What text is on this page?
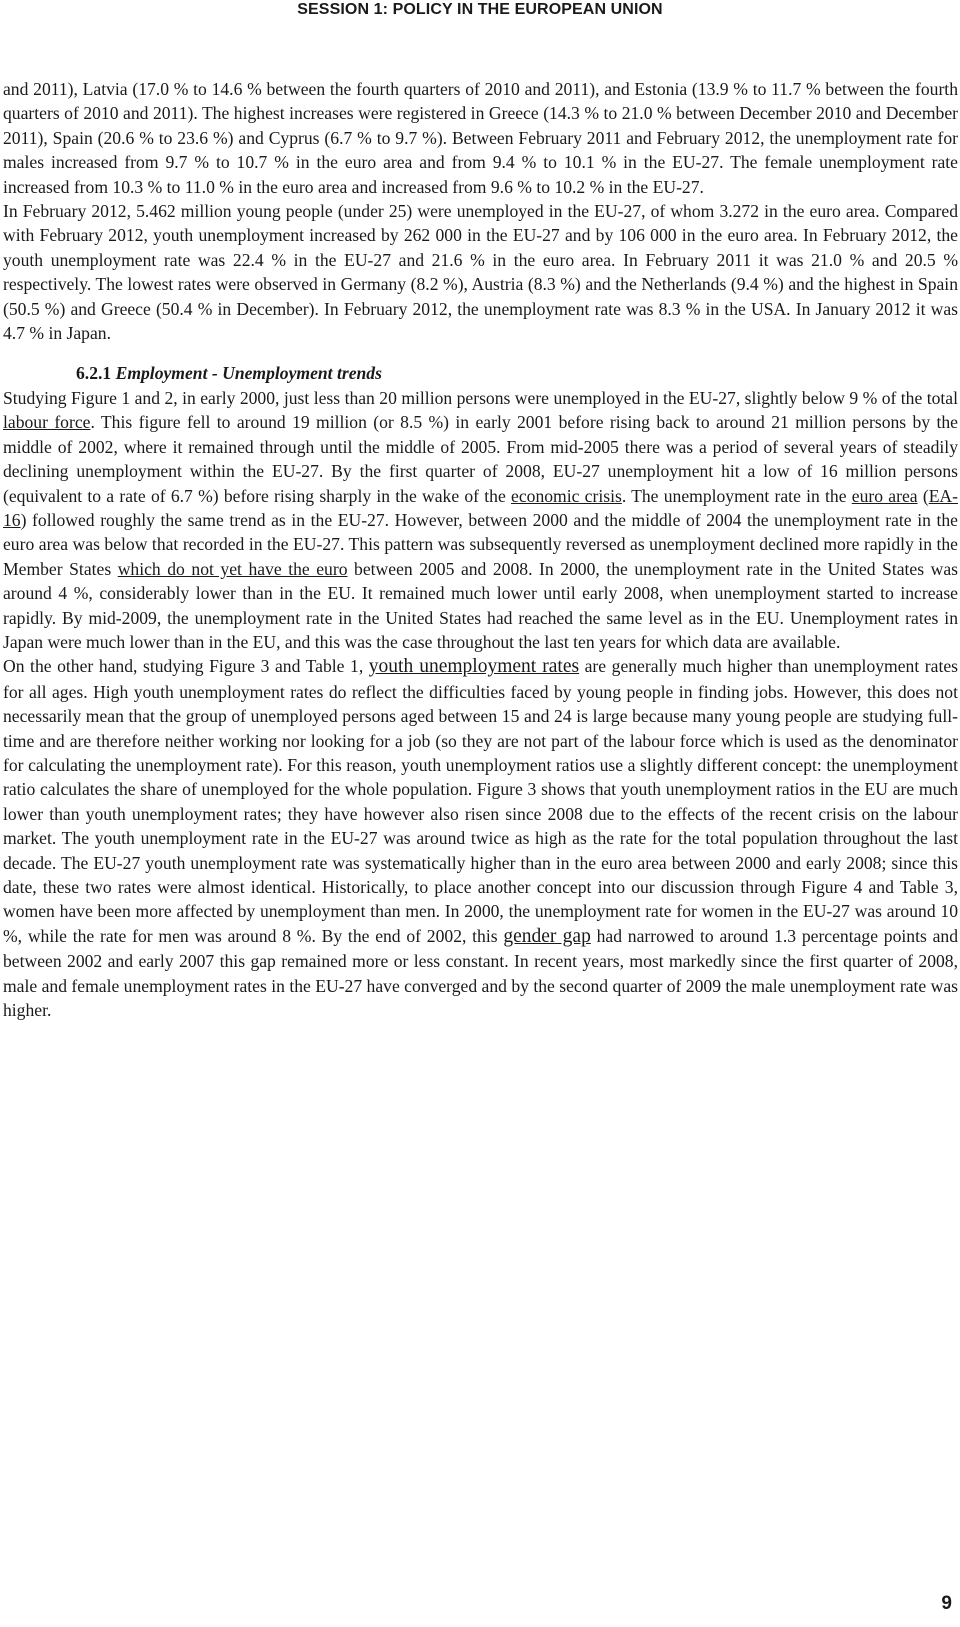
SESSION 1: POLICY IN THE EUROPEAN UNION

and 2011), Latvia (17.0 % to 14.6 % between the fourth quarters of 2010 and 2011), and Estonia (13.9 % to 11.7 % between the fourth quarters of 2010 and 2011). The highest increases were registered in Greece (14.3 % to 21.0 % between December 2010 and December 2011), Spain (20.6 % to 23.6 %) and Cyprus (6.7 % to 9.7 %). Between February 2011 and February 2012, the unemployment rate for males increased from 9.7 % to 10.7 % in the euro area and from 9.4 % to 10.1 % in the EU-27. The female unemployment rate increased from 10.3 % to 11.0 % in the euro area and increased from 9.6 % to 10.2 % in the EU-27.

In February 2012, 5.462 million young people (under 25) were unemployed in the EU-27, of whom 3.272 in the euro area. Compared with February 2012, youth unemployment increased by 262 000 in the EU-27 and by 106 000 in the euro area. In February 2012, the youth unemployment rate was 22.4 % in the EU-27 and 21.6 % in the euro area. In February 2011 it was 21.0 % and 20.5 % respectively. The lowest rates were observed in Germany (8.2 %), Austria (8.3 %) and the Netherlands (9.4 %) and the highest in Spain (50.5 %) and Greece (50.4 % in December). In February 2012, the unemployment rate was 8.3 % in the USA. In January 2012 it was 4.7 % in Japan.

6.2.1 Employment - Unemployment trends

Studying Figure 1 and 2, in early 2000, just less than 20 million persons were unemployed in the EU-27, slightly below 9 % of the total labour force. This figure fell to around 19 million (or 8.5 %) in early 2001 before rising back to around 21 million persons by the middle of 2002, where it remained through until the middle of 2005. From mid-2005 there was a period of several years of steadily declining unemployment within the EU-27. By the first quarter of 2008, EU-27 unemployment hit a low of 16 million persons (equivalent to a rate of 6.7 %) before rising sharply in the wake of the economic crisis. The unemployment rate in the euro area (EA-16) followed roughly the same trend as in the EU-27. However, between 2000 and the middle of 2004 the unemployment rate in the euro area was below that recorded in the EU-27. This pattern was subsequently reversed as unemployment declined more rapidly in the Member States which do not yet have the euro between 2005 and 2008. In 2000, the unemployment rate in the United States was around 4 %, considerably lower than in the EU. It remained much lower until early 2008, when unemployment started to increase rapidly. By mid-2009, the unemployment rate in the United States had reached the same level as in the EU. Unemployment rates in Japan were much lower than in the EU, and this was the case throughout the last ten years for which data are available.

On the other hand, studying Figure 3 and Table 1, youth unemployment rates are generally much higher than unemployment rates for all ages. High youth unemployment rates do reflect the difficulties faced by young people in finding jobs. However, this does not necessarily mean that the group of unemployed persons aged between 15 and 24 is large because many young people are studying full-time and are therefore neither working nor looking for a job (so they are not part of the labour force which is used as the denominator for calculating the unemployment rate). For this reason, youth unemployment ratios use a slightly different concept: the unemployment ratio calculates the share of unemployed for the whole population. Figure 3 shows that youth unemployment ratios in the EU are much lower than youth unemployment rates; they have however also risen since 2008 due to the effects of the recent crisis on the labour market. The youth unemployment rate in the EU-27 was around twice as high as the rate for the total population throughout the last decade. The EU-27 youth unemployment rate was systematically higher than in the euro area between 2000 and early 2008; since this date, these two rates were almost identical. Historically, to place another concept into our discussion through Figure 4 and Table 3, women have been more affected by unemployment than men. In 2000, the unemployment rate for women in the EU-27 was around 10 %, while the rate for men was around 8 %. By the end of 2002, this gender gap had narrowed to around 1.3 percentage points and between 2002 and early 2007 this gap remained more or less constant. In recent years, most markedly since the first quarter of 2008, male and female unemployment rates in the EU-27 have converged and by the second quarter of 2009 the male unemployment rate was higher.

9
